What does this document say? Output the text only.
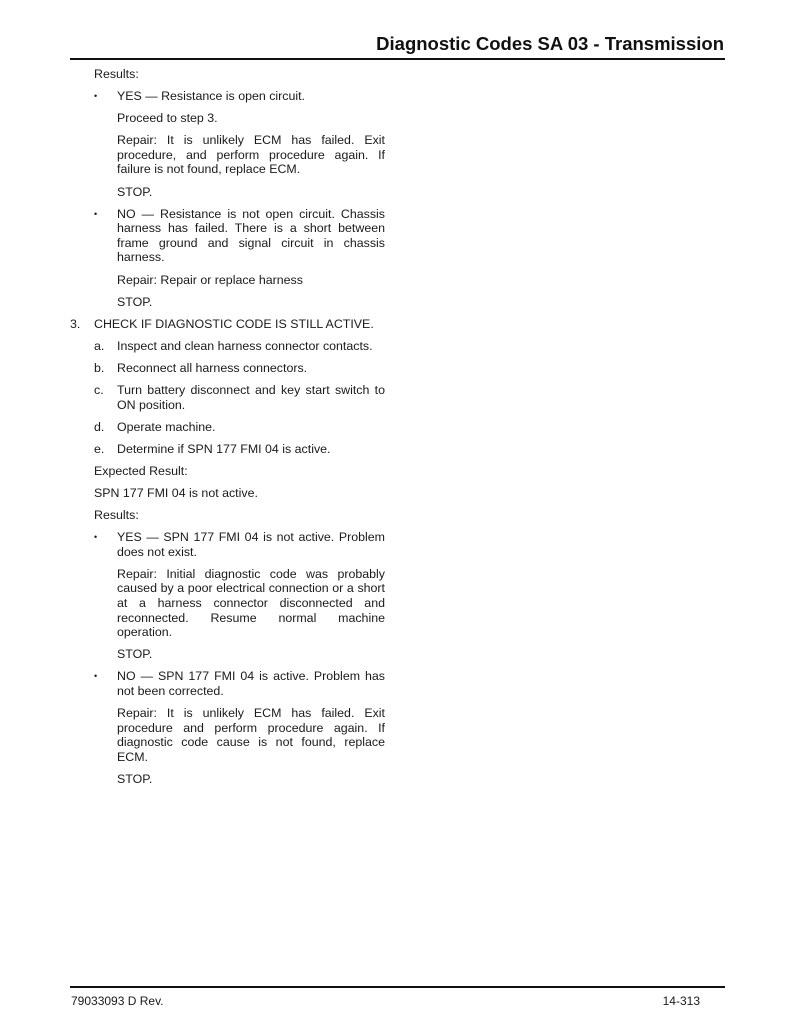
Diagnostic Codes SA 03 - Transmission

Results:

• YES — Resistance is open circuit.

Proceed to step 3.

Repair: It is unlikely ECM has failed. Exit procedure, and perform procedure again. If failure is not found, replace ECM.

STOP.

• NO — Resistance is not open circuit. Chassis harness has failed. There is a short between frame ground and signal circuit in chassis harness.

Repair: Repair or replace harness

STOP.

3. CHECK IF DIAGNOSTIC CODE IS STILL ACTIVE.
a. Inspect and clean harness connector contacts.
b. Reconnect all harness connectors.
c. Turn battery disconnect and key start switch to ON position.
d. Operate machine.
e. Determine if SPN 177 FMI 04 is active.

Expected Result:

SPN 177 FMI 04 is not active.

Results:

• YES — SPN 177 FMI 04 is not active. Problem does not exist.

Repair: Initial diagnostic code was probably caused by a poor electrical connection or a short at a harness connector disconnected and reconnected. Resume normal machine operation.

STOP.

• NO — SPN 177 FMI 04 is active. Problem has not been corrected.

Repair: It is unlikely ECM has failed. Exit procedure and perform procedure again. If diagnostic code cause is not found, replace ECM.

STOP.

79033093 D Rev.	14-313
